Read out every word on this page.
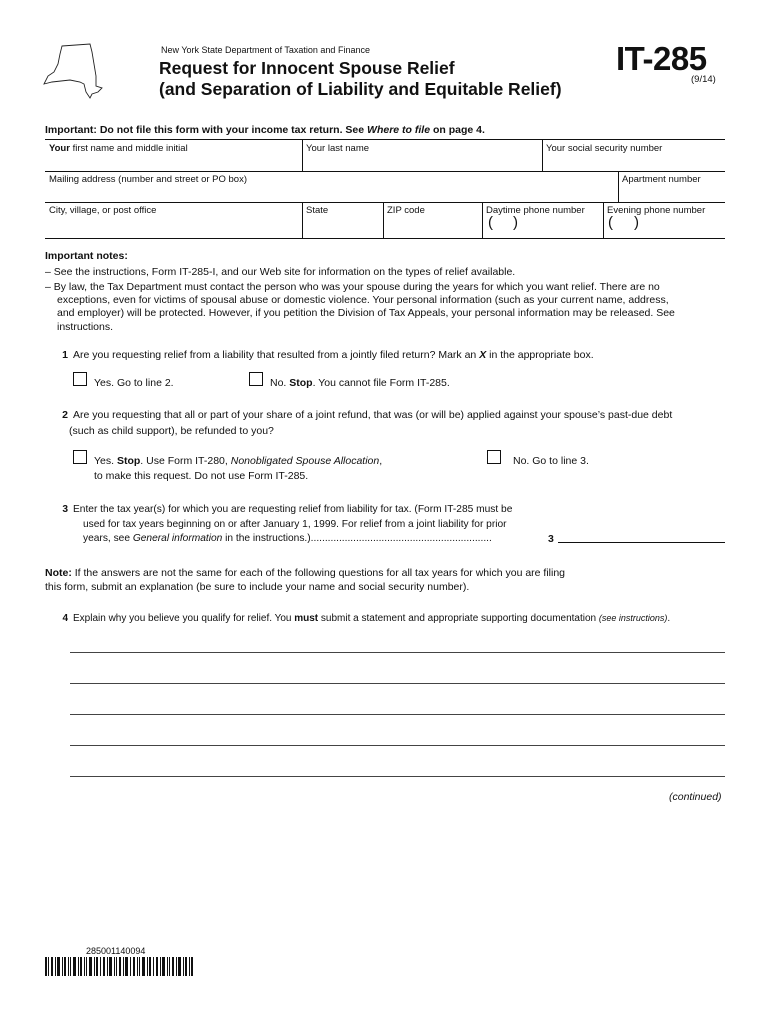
New York State Department of Taxation and Finance
Request for Innocent Spouse Relief
(and Separation of Liability and Equitable Relief)
IT-285
(9/14)
Important: Do not file this form with your income tax return. See Where to file on page 4.
Your first name and middle initial	Your last name	Your social security number
Mailing address (number and street or PO box)	Apartment number
City, village, or post office	State	ZIP code	Daytime phone number	Evening phone number
( )	( )
Important notes:
– See the instructions, Form IT-285-I, and our Web site for information on the types of relief available.
– By law, the Tax Department must contact the person who was your spouse during the years for which you want relief. There are no
exceptions, even for victims of spousal abuse or domestic violence. Your personal information (such as your current name, address,
and employer) will be protected. However, if you petition the Division of Tax Appeals, your personal information may be released. See
instructions.
1 Are you requesting relief from a liability that resulted from a jointly filed return? Mark an X in the appropriate box.
Yes. Go to line 2.	No. Stop. You cannot file Form IT-285.
2 Are you requesting that all or part of your share of a joint refund, that was (or will be) applied against your spouse’s past-due debt
(such as child support), be refunded to you?
Yes. Stop. Use Form IT-280, Nonobligated Spouse Allocation,
to make this request. Do not use Form IT-285.
No. Go to line 3.
3 Enter the tax year(s) for which you are requesting relief from liability for tax. (Form IT-285 must be
used for tax years beginning on or after January 1, 1999. For relief from a joint liability for prior
years, see General information in the instructions.)................................................................	3
Note: If the answers are not the same for each of the following questions for all tax years for which you are filing
this form, submit an explanation (be sure to include your name and social security number).
4 Explain why you believe you qualify for relief. You must submit a statement and appropriate supporting documentation (see instructions).
(continued)
285001140094
